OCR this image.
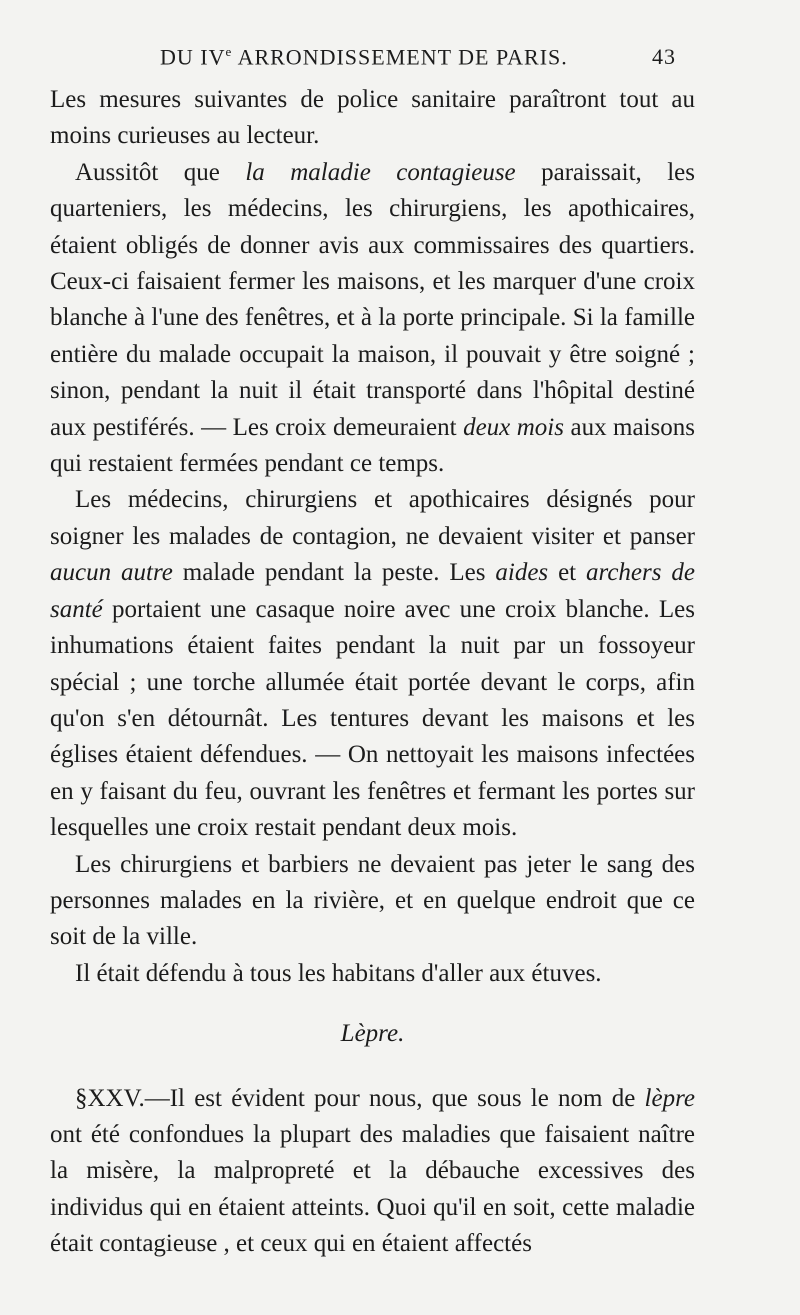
DU IVe ARRONDISSEMENT DE PARIS.	43

Les mesures suivantes de police sanitaire paraîtront tout au moins curieuses au lecteur.

Aussitôt que la maladie contagieuse paraissait, les quarteniers, les médecins, les chirurgiens, les apothicaires, étaient obligés de donner avis aux commissaires des quartiers. Ceux-ci faisaient fermer les maisons, et les marquer d'une croix blanche à l'une des fenêtres, et à la porte principale. Si la famille entière du malade occupait la maison, il pouvait y être soigné ; sinon, pendant la nuit il était transporté dans l'hôpital destiné aux pestiférés. — Les croix demeuraient deux mois aux maisons qui restaient fermées pendant ce temps.

Les médecins, chirurgiens et apothicaires désignés pour soigner les malades de contagion, ne devaient visiter et panser aucun autre malade pendant la peste. Les aides et archers de santé portaient une casaque noire avec une croix blanche. Les inhumations étaient faites pendant la nuit par un fossoyeur spécial ; une torche allumée était portée devant le corps, afin qu'on s'en détournât. Les tentures devant les maisons et les églises étaient défendues. — On nettoyait les maisons infectées en y faisant du feu, ouvrant les fenêtres et fermant les portes sur lesquelles une croix restait pendant deux mois.

Les chirurgiens et barbiers ne devaient pas jeter le sang des personnes malades en la rivière, et en quelque endroit que ce soit de la ville.

Il était défendu à tous les habitans d'aller aux étuves.

Lèpre.

§XXV.—Il est évident pour nous, que sous le nom de lèpre ont été confondues la plupart des maladies que faisaient naître la misère, la malpropreté et la débauche excessives des individus qui en étaient atteints. Quoi qu'il en soit, cette maladie était contagieuse , et ceux qui en étaient affectés
